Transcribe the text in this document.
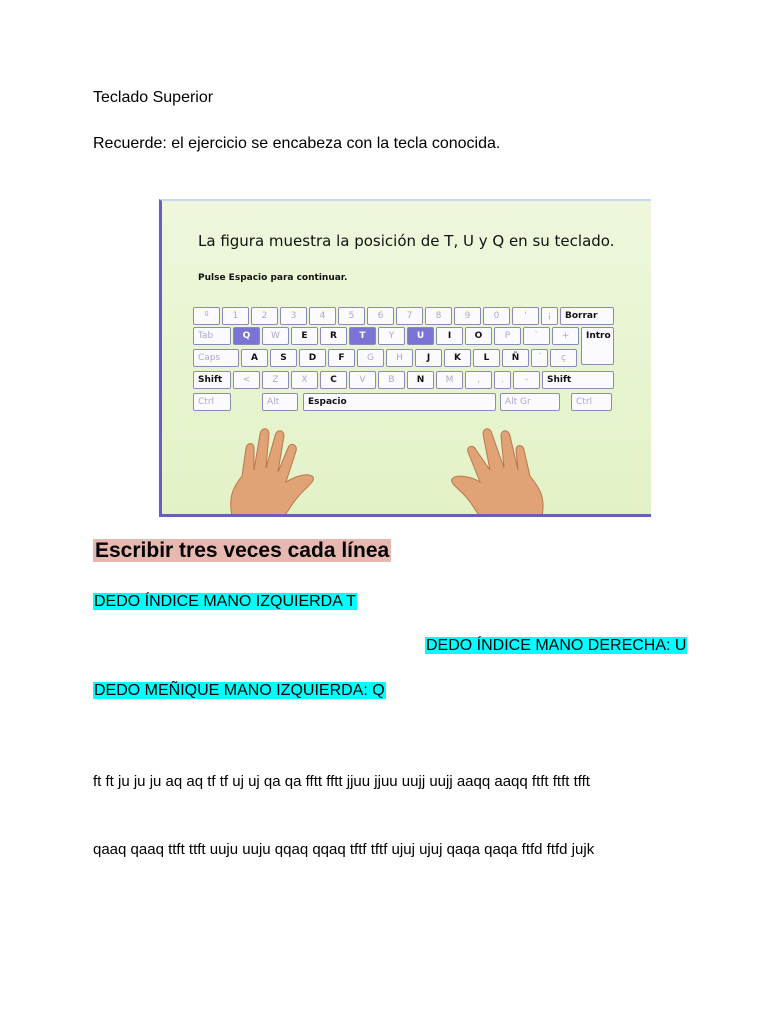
Teclado Superior
Recuerde: el ejercicio se encabeza con la tecla conocida.
La figura muestra la posición de T, U y Q en su teclado.
Pulse Espacio para continuar.
º	1	2	3	4	5	6	7	8	9	0	'	¡	Borrar
Tab	Q	W	E	R	T	Y	U	I	O	P	`	+	Intro
Caps	A	S	D	F	G	H	J	K	L	Ñ	´	ç
Shift	<	Z	X	C	V	B	N	M	,	.	-	Shift
Ctrl	Alt	Espacio	Alt Gr	Ctrl
Escribir tres veces cada línea
DEDO ÍNDICE MANO IZQUIERDA T
DEDO ÍNDICE MANO DERECHA: U
DEDO MEÑIQUE MANO IZQUIERDA: Q
ft ft ju ju ju aq aq tf tf uj uj qa qa fftt fftt jjuu jjuu uujj uujj aaqq aaqq ftft ftft tfft
qaaq qaaq ttft ttft uuju uuju qqaq qqaq tftf tftf ujuj ujuj qaqa qaqa ftfd ftfd jujk
